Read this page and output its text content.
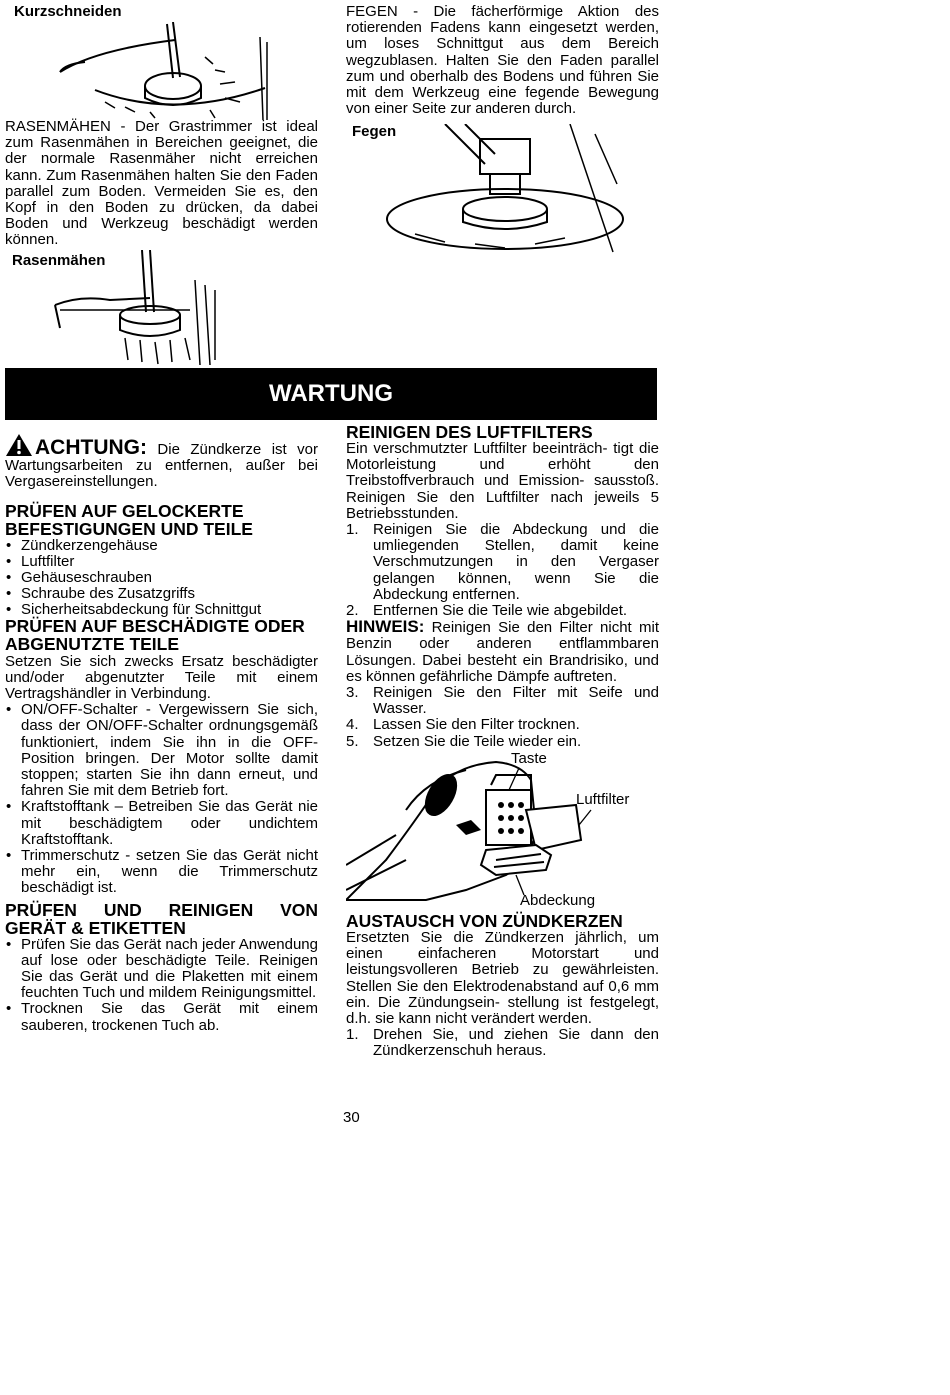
Kurzschneiden

RASENMÄHEN - Der Grastrimmer ist ideal zum Rasenmähen in Bereichen geeignet, die der normale Rasenmäher nicht erreichen kann. Zum Rasenmähen halten Sie den Faden parallel zum Boden. Vermeiden Sie es, den Kopf in den Boden zu drücken, da dabei Boden und Werkzeug beschädigt werden können.

Rasenmähen

FEGEN - Die fächerförmige Aktion des rotierenden Fadens kann eingesetzt werden, um loses Schnittgut aus dem Bereich wegzublasen. Halten Sie den Faden parallel zum und oberhalb des Bodens und führen Sie mit dem Werkzeug eine fegende Bewegung von einer Seite zur anderen durch.

Fegen
WARTUNG
ACHTUNG: Die Zündkerze ist vor Wartungsarbeiten zu entfernen, außer bei Vergasereinstellungen.
PRÜFEN AUF GELOCKERTE BEFESTIGUNGEN UND TEILE
• Zündkerzengehäuse
• Luftfilter
• Gehäuseschrauben
• Schraube des Zusatzgriffs
• Sicherheitsabdeckung für Schnittgut
PRÜFEN AUF BESCHÄDIGTE ODER ABGENUTZTE TEILE

Setzen Sie sich zwecks Ersatz beschädigter und/oder abgenutzter Teile mit einem Vertragshändler in Verbindung.

• ON/OFF-Schalter - Vergewissern Sie sich, dass der ON/OFF-Schalter ordnungsgemäß funktioniert, indem Sie ihn in die OFF-Position bringen. Der Motor sollte damit stoppen; starten Sie ihn dann erneut, und fahren Sie mit dem Betrieb fort.
• Kraftstofftank – Betreiben Sie das Gerät nie mit beschädigtem oder undichtem Kraftstofftank.
• Trimmerschutz - setzen Sie das Gerät nicht mehr ein, wenn die Trimmerschutz beschädigt ist.
PRÜFEN UND REINIGEN VON GERÄT & ETIKETTEN
• Prüfen Sie das Gerät nach jeder Anwendung auf lose oder beschädigte Teile. Reinigen Sie das Gerät und die Plaketten mit einem feuchten Tuch und mildem Reinigungsmittel.
• Trocknen Sie das Gerät mit einem sauberen, trockenen Tuch ab.
REINIGEN DES LUFTFILTERS

Ein verschmutzter Luftfilter beeinträch- tigt die Motorleistung und erhöht den Treibstoffverbrauch und Emission- sausstoß. Reinigen Sie den Luftfilter nach jeweils 5 Betriebsstunden.

1. Reinigen Sie die Abdeckung und die umliegenden Stellen, damit keine Verschmutzungen in den Vergaser gelangen können, wenn Sie die Abdeckung entfernen.
2. Entfernen Sie die Teile wie abgebildet.
HINWEIS: Reinigen Sie den Filter nicht mit Benzin oder anderen entflammbaren Lösungen. Dabei besteht ein Brandrisiko, und es können gefährliche Dämpfe auftreten.
3. Reinigen Sie den Filter mit Seife und Wasser.
4. Lassen Sie den Filter trocknen.
5. Setzen Sie die Teile wieder ein.
Taste
Luftfilter
Abdeckung
AUSTAUSCH VON ZÜNDKERZEN

Ersetzten Sie die Zündkerzen jährlich, um einen einfacheren Motorstart und leistungsvolleren Betrieb zu gewährleisten. Stellen Sie den Elektrodenabstand auf 0,6 mm ein. Die Zündungsein- stellung ist festgelegt, d.h. sie kann nicht verändert werden.

1. Drehen Sie, und ziehen Sie dann den Zündkerzenschuh heraus.
30
